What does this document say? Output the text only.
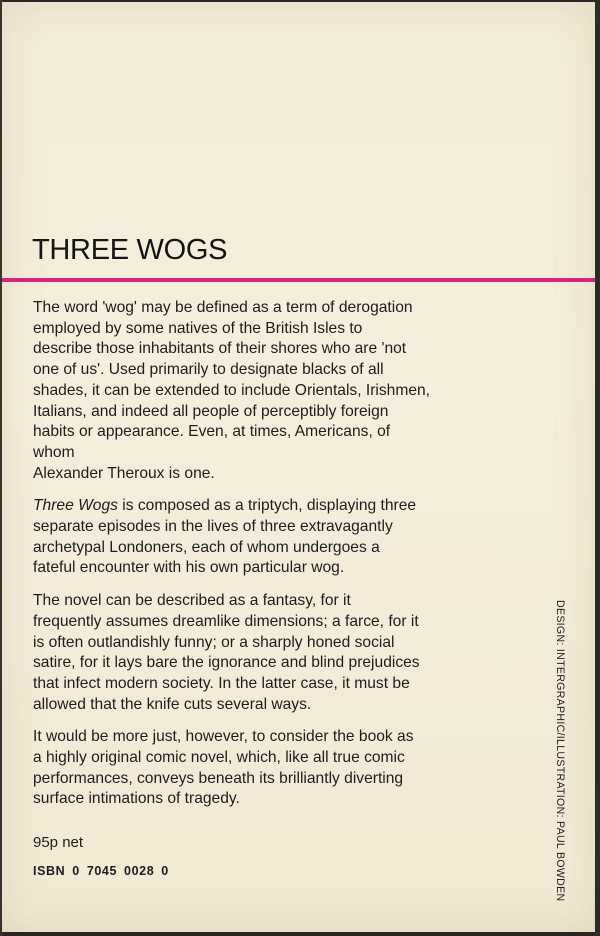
THREE WOGS

The word 'wog' may be defined as a term of derogation
employed by some natives of the British Isles to
describe those inhabitants of their shores who are 'not
one of us'. Used primarily to designate blacks of all
shades, it can be extended to include Orientals, Irishmen,
Italians, and indeed all people of perceptibly foreign
habits or appearance. Even, at times, Americans, of whom
Alexander Theroux is one.

Three Wogs is composed as a triptych, displaying three
separate episodes in the lives of three extravagantly
archetypal Londoners, each of whom undergoes a
fateful encounter with his own particular wog.

The novel can be described as a fantasy, for it
frequently assumes dreamlike dimensions; a farce, for it
is often outlandishly funny; or a sharply honed social
satire, for it lays bare the ignorance and blind prejudices
that infect modern society. In the latter case, it must be
allowed that the knife cuts several ways.

It would be more just, however, to consider the book as
a highly original comic novel, which, like all true comic
performances, conveys beneath its brilliantly diverting
surface intimations of tragedy.

95p net
ISBN 0 7045 0028 0	DESIGN: INTERGRAPHIC/ILLUSTRATION: PAUL BOWDEN
